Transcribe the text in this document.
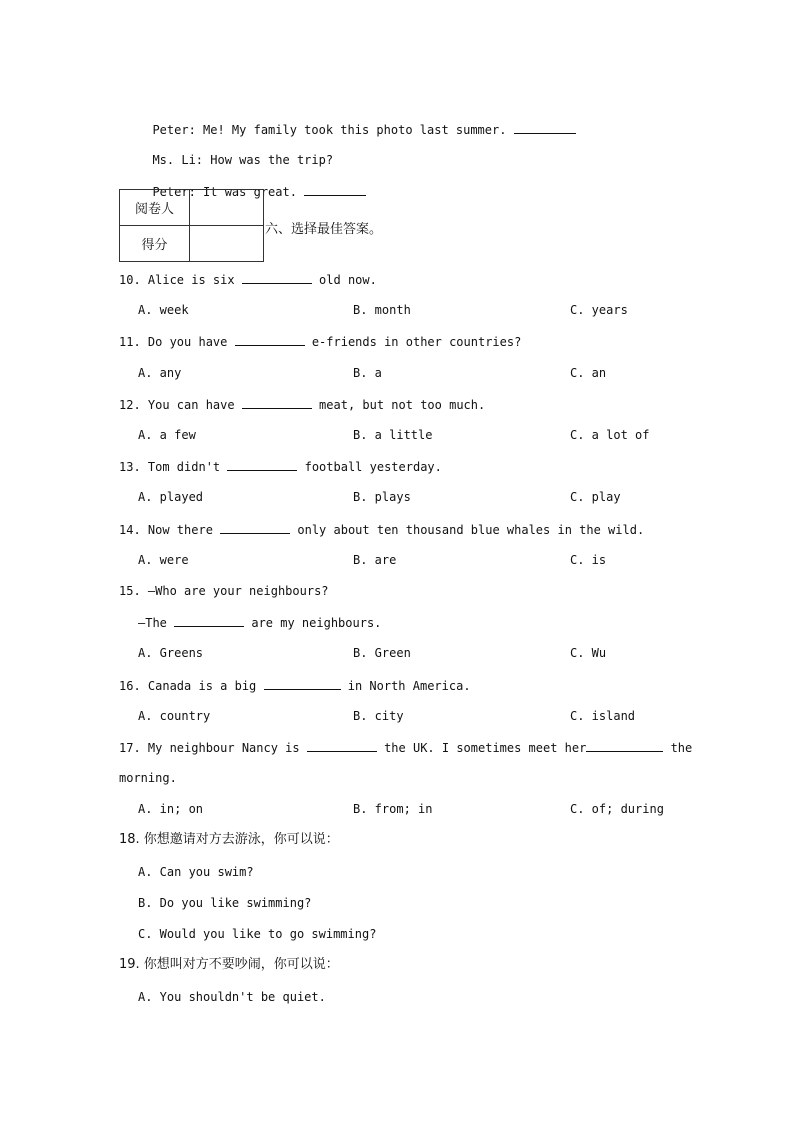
Peter: Me! My family took this photo last summer.

Ms. Li: How was the trip?

Peter: It was great.

阅卷人	
得分	
六、选择最佳答案。
10. Alice is six	old now.
A. week	B. month	C. years
11. Do you have	e-friends in other countries?
A. any	B. a	C. an
12. You can have	meat, but not too much.
A. a few	B. a little	C. a lot of
13. Tom didn't	football yesterday.
A. played	B. plays	C. play
14. Now there	only about ten thousand blue whales in the wild.
A. were	B. are	C. is
15. —Who are your neighbours?
—The	are my neighbours.
A. Greens	B. Green	C. Wu
16. Canada is a big	in North America.
A. country	B. city	C. island
17. My neighbour Nancy is	the UK. I sometimes meet her	the
morning.
A. in; on	B. from; in	C. of; during
18. 你想邀请对方去游泳，你可以说：
A. Can you swim?
B. Do you like swimming?
C. Would you like to go swimming?
19. 你想叫对方不要吵闹，你可以说：
A. You shouldn't be quiet.
